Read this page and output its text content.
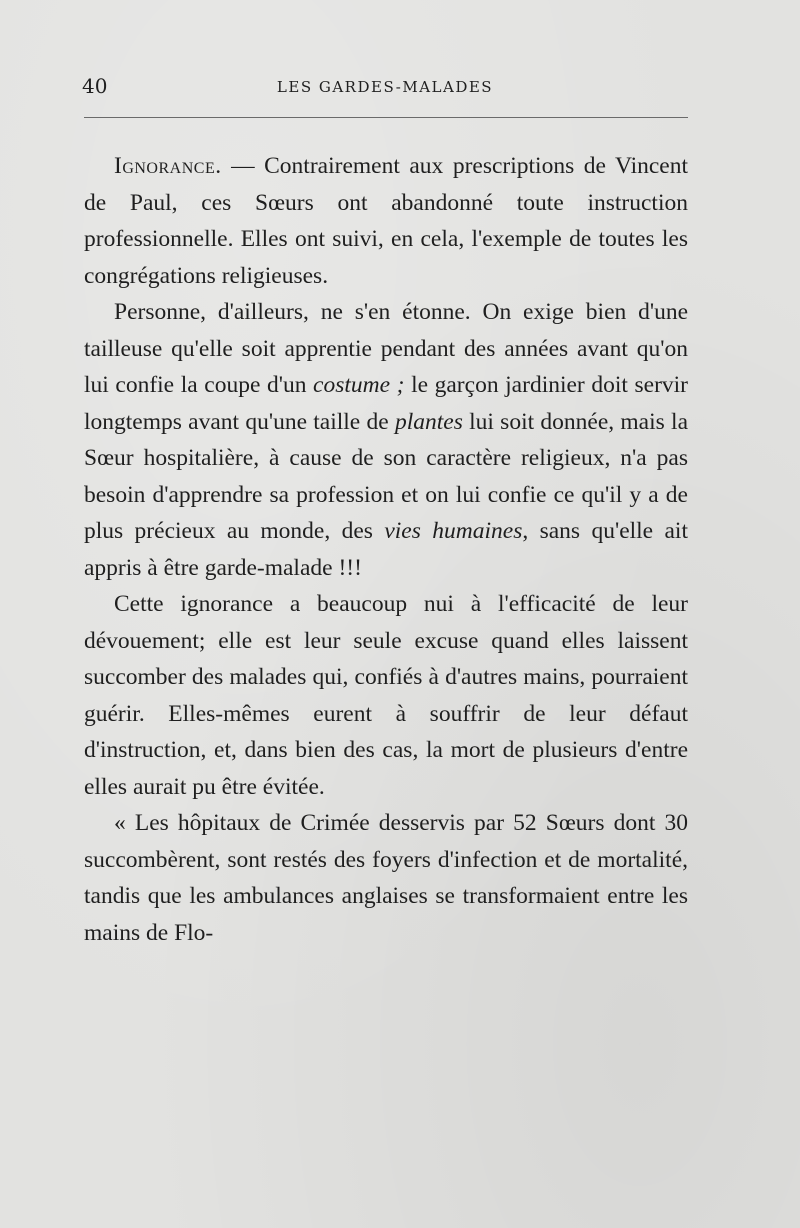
40	LES GARDES-MALADES

Ignorance. — Contrairement aux prescriptions de Vincent de Paul, ces Sœurs ont abandonné toute instruction professionnelle. Elles ont suivi, en cela, l'exemple de toutes les congrégations religieuses.

Personne, d'ailleurs, ne s'en étonne. On exige bien d'une tailleuse qu'elle soit apprentie pendant des années avant qu'on lui confie la coupe d'un costume ; le garçon jardinier doit servir longtemps avant qu'une taille de plantes lui soit donnée, mais la Sœur hospitalière, à cause de son caractère religieux, n'a pas besoin d'apprendre sa profession et on lui confie ce qu'il y a de plus précieux au monde, des vies humaines, sans qu'elle ait appris à être garde-malade !!!

Cette ignorance a beaucoup nui à l'efficacité de leur dévouement; elle est leur seule excuse quand elles laissent succomber des malades qui, confiés à d'autres mains, pourraient guérir. Elles-mêmes eurent à souffrir de leur défaut d'instruction, et, dans bien des cas, la mort de plusieurs d'entre elles aurait pu être évitée.

« Les hôpitaux de Crimée desservis par 52 Sœurs dont 30 succombèrent, sont restés des foyers d'infection et de mortalité, tandis que les ambulances anglaises se transformaient entre les mains de Flo-
